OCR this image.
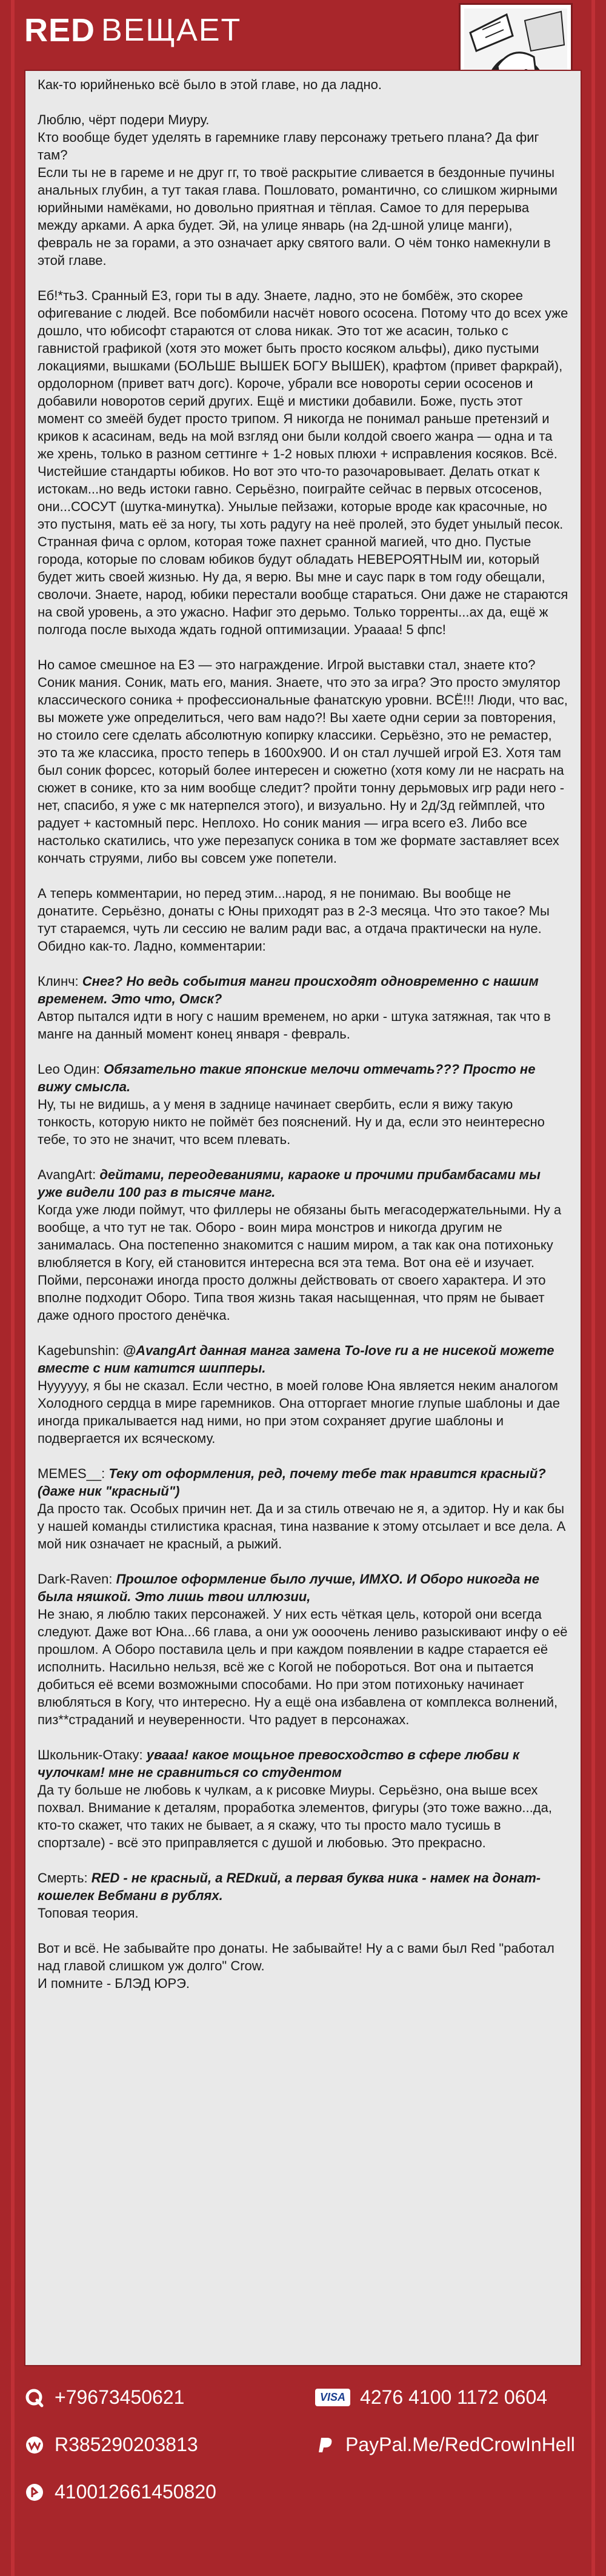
RED ВЕЩАЕТ

Как-то юрийненько всё было в этой главе, но да ладно.

Люблю, чёрт подери Миуру.
Кто вообще будет уделять в гаремнике главу персонажу третьего плана? Да фиг там?
Если ты не в гареме и не друг гг, то твоё раскрытие сливается в бездонные пучины анальных глубин, а тут такая глава. Пошловато, романтично, со слишком жирными юрийными намёками, но довольно приятная и тёплая. Самое то для перерыва между арками. А арка будет. Эй, на улице январь (на 2д-шной улице манги), февраль не за горами, а это означает арку святого вали. О чём тонко намекнули в этой главе.

Еб!*тьЗ. Сранный Е3, гори ты в аду. Знаете, ладно, это не бомбёж, это скорее офигевание с людей. Все побомбили насчёт нового ососена. Потому что до всех уже дошло, что юбисофт стараются от слова никак. Это тот же асасин, только с гавнистой графикой (хотя это может быть просто косяком альфы), дико пустыми локациями, вышками (БОЛЬШЕ ВЫШЕК БОГУ ВЫШЕК), крафтом (привет фаркрай), ордолорном (привет ватч догс). Короче, убрали все новороты серии ососенов и добавили новоротов серий других. Ещё и мистики добавили. Боже, пусть этот момент со змеёй будет просто трипом. Я никогда не понимал раньше претензий и криков к асасинам, ведь на мой взгляд они были колдой своего жанра — одна и та же хрень, только в разном сеттинге + 1-2 новых плюхи + исправления косяков. Всё. Чистейшие стандарты юбиков. Но вот это что-то разочаровывает. Делать откат к истокам...но ведь истоки гавно. Серьёзно, поиграйте сейчас в первых отсосенов, они...СОСУТ (шутка-минутка). Унылые пейзажи, которые вроде как красочные, но это пустыня, мать её за ногу, ты хоть радугу на неё пролей, это будет унылый песок. Странная фича с орлом, которая тоже пахнет сранной магией, что дно. Пустые города, которые по словам юбиков будут обладать НЕВЕРОЯТНЫМ ии, который будет жить своей жизнью. Ну да, я верю. Вы мне и саус парк в том году обещали, сволочи. Знаете, народ, юбики перестали вообще стараться. Они даже не стараются на свой уровень, а это ужасно. Нафиг это дерьмо. Только торренты...ах да, ещё ж полгода после выхода ждать годной оптимизации. Ураааа! 5 фпс!

Но самое смешное на Е3 — это награждение. Игрой выставки стал, знаете кто? Соник мания. Соник, мать его, мания. Знаете, что это за игра? Это просто эмулятор классического соника + профессиональные фанатскую уровни. ВСЁ!!! Люди, что вас, вы можете уже определиться, чего вам надо?! Вы хаете одни серии за повторения, но стоило сеге сделать абсолютную копирку классики. Серьёзно, это не ремастер, это та же классика, просто теперь в 1600x900. И он стал лучшей игрой Е3. Хотя там был соник форсес, который более интересен и сюжетно (хотя кому ли не насрать на сюжет в сонике, кто за ним вообще следит? пройти тонну дерьмовых игр ради него - нет, спасибо, я уже с мк натерпелся этого), и визуально. Ну и 2д/3д геймплей, что радует + кастомный перс. Неплохо. Но соник мания — игра всего е3. Либо все настолько скатились, что уже перезапуск соника в том же формате заставляет всех кончать струями, либо вы совсем уже попетели.

А теперь комментарии, но перед этим...народ, я не понимаю. Вы вообще не донатите. Серьёзно, донаты с Юны приходят раз в 2-3 месяца. Что это такое? Мы тут стараемся, чуть ли сессию не валим ради вас, а отдача практически на нуле. Обидно как-то. Ладно, комментарии:

Клинч: Снег? Но ведь события манги происходят одновременно с нашим временем. Это что, Омск?
Автор пытался идти в ногу с нашим временем, но арки - штука затяжная, так что в манге на данный момент конец января - февраль.

Leo Один: Обязательно такие японские мелочи отмечать??? Просто не вижу смысла.
Ну, ты не видишь, а у меня в заднице начинает свербить, если я вижу такую тонкость, которую никто не поймёт без пояснений. Ну и да, если это неинтересно тебе, то это не значит, что всем плевать.

AvangArt: дейтами, переодеваниями, караоке и прочими прибамбасами мы уже видели 100 раз в тысяче манг.
Когда уже люди поймут, что филлеры не обязаны быть мегасодержательными. Ну а вообще, а что тут не так. Оборо - воин мира монстров и никогда другим не занималась. Она постепенно знакомится с нашим миром, а так как она потихоньку влюбляется в Когу, ей становится интересна вся эта тема. Вот она её и изучает. Пойми, персонажи иногда просто должны действовать от своего характера. И это вполне подходит Оборо. Типа твоя жизнь такая насыщенная, что прям не бывает даже одного простого денёчка.

Kagebunshin: @AvangArt данная манга замена To-love ru а не нисекой можете вместе с ним катится шиппер​ы.
Нуууууу, я бы не сказал. Если честно, в моей голове Юна является неким аналогом Холодного сердца в мире гаремников. Она отторгает многие глупые шаблоны и дае иногда прикалывается над ними, но при этом сохраняет другие шаблоны и подвергается их всяческому.

MEMES__: Теку от оформления, ред, почему тебе так нравится красный? (даже ник "красный")
Да просто так. Особых причин нет. Да и за стиль отвечаю не я, а эдитор. Ну и как бы у нашей команды стилистика красная, тина название к этому отсылает и все дела. А мой ник означает не красный, а рыжий.

Dark-Raven: Прошлое оформление было лучше, ИМХО. И Оборо никогда не была няшкой. Это лишь твои иллюзии,
Не знаю, я люблю таких персонажей. У них есть чёткая цель, которой они всегда следуют. Даже вот Юна...66 глава, а они уж оооочень лениво разыскивают инфу о её прошлом. А Оборо поставила цель и при каждом появлении в кадре старается её исполнить. Насильно нельзя, всё же с Когой не побороться. Вот она и пытается добиться её всеми возможными способами. Но при этом потихоньку начинает влюбляться в Когу, что интересно. Ну а ещё она избавлена от комплекса волнений, пиз**страданий и неуверенности. Что радует в персонажах.

Школьник-Отаку: увааа! какое мощьное превосходство в сфере любви к чулочкам! мне не сравниться со студентом
Да ту больше не любовь к чулкам, а к рисовке Миуры. Серьёзно, она выше всех похвал. Внимание к деталям, проработка элементов, фигуры (это тоже важно...да, кто-то скажет, что таких не бывает, а я скажу, что ты просто мало тусишь в спортзале) - всё это приправляется с душой и любовью. Это прекрасно.

Смерть: RED - не красный, а REDкий, а первая буква ника - намек на донат-кошелек Вебмани в рублях.
Топовая теория.

Вот и всё. Не забывайте про донаты. Не забывайте! Ну а с вами был Red "работал над главой слишком уж долго" Crow.
И помните - БЛЭД ЮРЭ.

+79673450621
R385290203813
410012661450820
VISA 4276 4100 1172 0604
PayPal.Me/RedCrowInHell
